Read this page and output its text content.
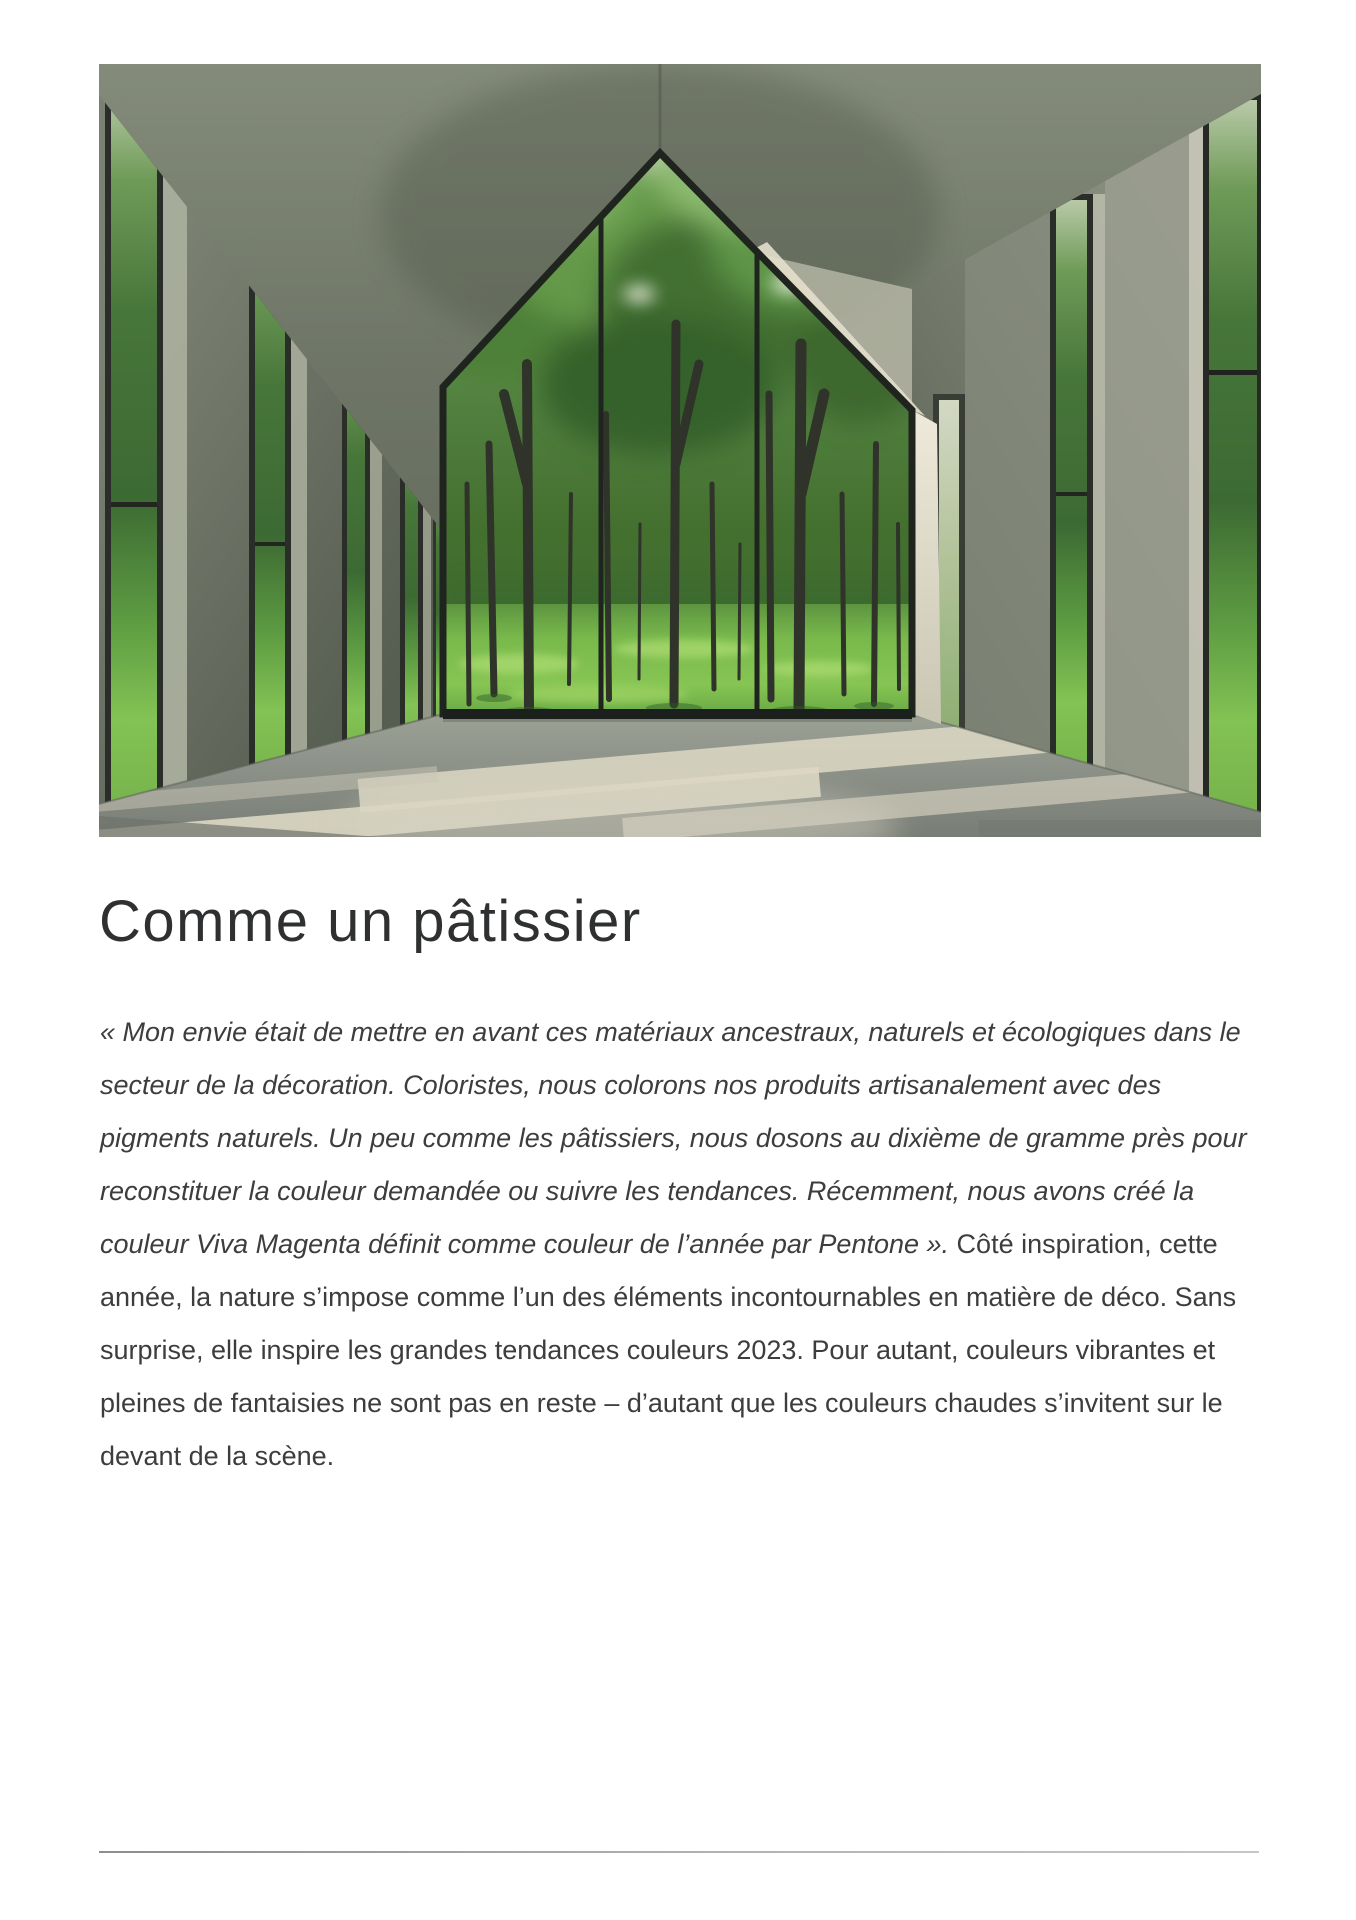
Comme un pâtissier

« Mon envie était de mettre en avant ces matériaux ancestraux, naturels et écologiques dans le secteur de la décoration. Coloristes, nous colorons nos produits artisanalement avec des pigments naturels. Un peu comme les pâtissiers, nous dosons au dixième de gramme près pour reconstituer la couleur demandée ou suivre les tendances. Récemment, nous avons créé la couleur Viva Magenta définit comme couleur de l’année par Pentone ». Côté inspiration, cette année, la nature s’impose comme l’un des éléments incontournables en matière de déco. Sans surprise, elle inspire les grandes tendances couleurs 2023. Pour autant, couleurs vibrantes et pleines de fantaisies ne sont pas en reste – d’autant que les couleurs chaudes s’invitent sur le devant de la scène.
